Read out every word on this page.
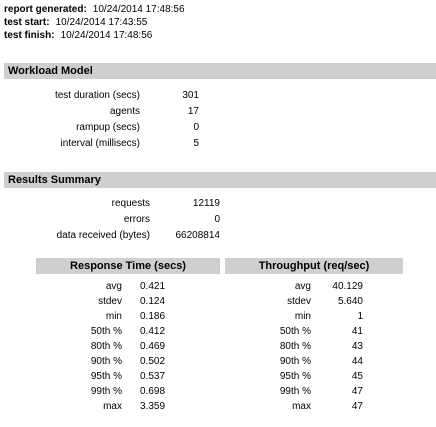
report generated: 10/24/2014 17:48:56
test start: 10/24/2014 17:43:55
test finish: 10/24/2014 17:48:56
Workload Model
test duration (secs)	301
agents	17
rampup (secs)	0
interval (millisecs)	5
Results Summary
requests	12119
errors	0
data received (bytes)	66208814
Response Time (secs)	Throughput (req/sec)
avg 0.421
stdev 0.124
min 0.186
50th % 0.412
80th % 0.469
90th % 0.502
95th % 0.537
99th % 0.698
max 3.359
avg	40.129
stdev	5.640
min	1
50th %	41
80th %	43
90th %	44
95th %	45
99th %	47
max	47
